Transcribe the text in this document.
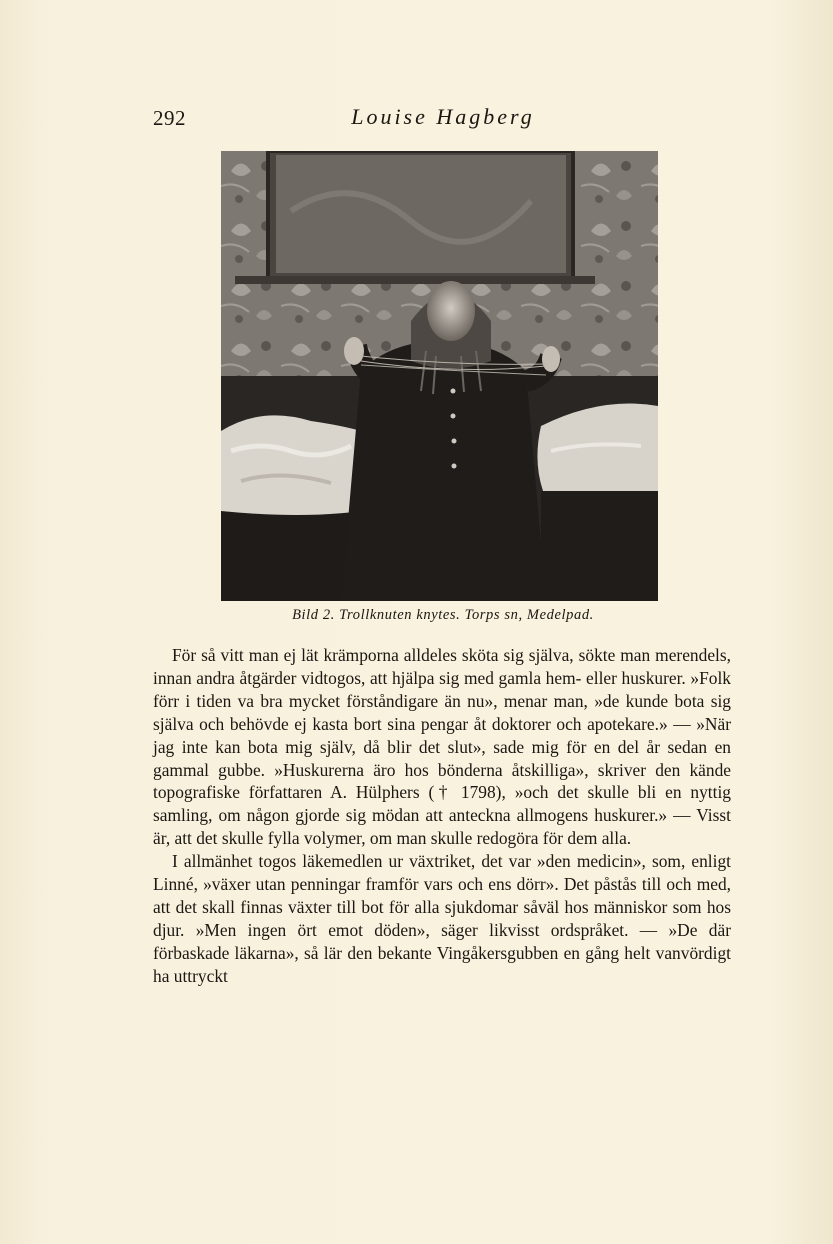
292	Louise Hagberg
Bild 2. Trollknuten knytes. Torps sn, Medelpad.

För så vitt man ej lät krämporna alldeles sköta sig själva, sökte man merendels, innan andra åtgärder vidtogos, att hjälpa sig med gamla hem- eller huskurer. »Folk förr i tiden va bra mycket förståndigare än nu», menar man, »de kunde bota sig själva och behövde ej kasta bort sina pengar åt doktorer och apotekare.» — »När jag inte kan bota mig själv, då blir det slut», sade mig för en del år sedan en gammal gubbe. »Huskurerna äro hos bönderna åtskilliga», skriver den kände topografiske författaren A. Hülphers († 1798), »och det skulle bli en nyttig samling, om någon gjorde sig mödan att anteckna allmogens huskurer.» — Visst är, att det skulle fylla volymer, om man skulle redogöra för dem alla.

I allmänhet togos läkemedlen ur växtriket, det var »den medicin», som, enligt Linné, »växer utan penningar framför vars och ens dörr». Det påstås till och med, att det skall finnas växter till bot för alla sjukdomar såväl hos människor som hos djur. »Men ingen ört emot döden», säger likvisst ordspråket. — »De där förbaskade läkarna», så lär den bekante Vingåkersgubben en gång helt vanvördigt ha uttryckt
